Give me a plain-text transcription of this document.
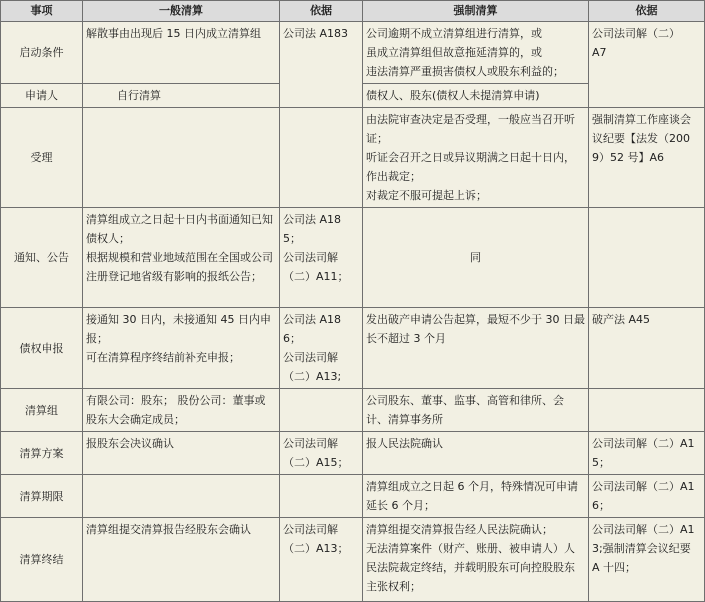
事项	一般清算	依据	强制清算	依据
启动条件	解散事由出现后 15 日内成立清算组	公司法 A183	公司逾期不成立清算组进行清算，或
虽成立清算组但故意拖延清算的，或
违法清算严重损害债权人或股东利益的；	公司法司解（二）
A7

申请人	自行清算		债权人、股东(债权人未提清算申请)	

受理			由法院审查决定是否受理，一般应当召开听证；
听证会召开之日或异议期满之日起十日内，作出裁定；
对裁定不服可提起上诉；	强制清算工作座谈会议纪要【法发（2009）52 号】A6

通知、公告	清算组成立之日起十日内书面通知已知债权人；
根据规模和营业地域范围在全国或公司注册登记地省级有影响的报纸公告；	公司法 A185；
公司法司解（二）A11；	同	
债权申报	接通知 30 日内，未接通知 45 日内申报；
可在清算程序终结前补充申报；	公司法 A186；
公司法司解（二）A13;	发出破产申请公告起算，最短不少于 30 日最长不超过 3 个月	破产法 A45

清算组	有限公司：股东； 股份公司：董事或股东大会确定成员；		公司股东、董事、监事、高管和律所、会计、清算事务所	

清算方案	报股东会决议确认	公司法司解（二）A15；	报人民法院确认	公司法司解（二）A15；

清算期限			清算组成立之日起 6 个月，特殊情况可申请延长 6 个月；	公司法司解（二）A16；

清算终结	清算组提交清算报告经股东会确认	公司法司解（二）A13；	清算组提交清算报告经人民法院确认；
无法清算案件（财产、账册、被申请人）人民法院裁定终结，并载明股东可向控股股东主张权利；	公司法司解（二）A13;强制清算会议纪要 A 十四；
